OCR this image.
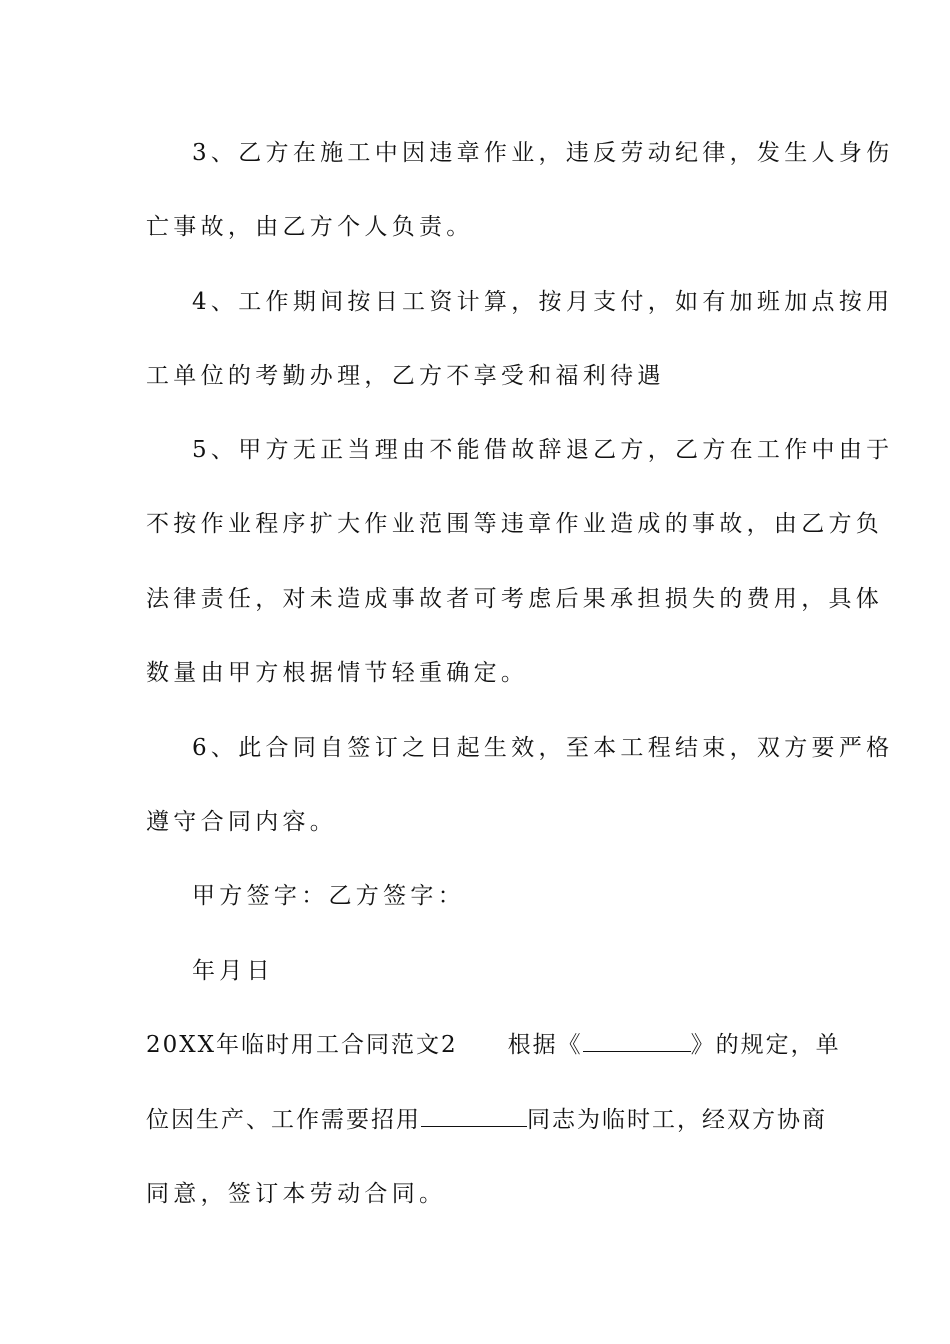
3、乙方在施工中因违章作业，违反劳动纪律，发生人身伤
亡事故，由乙方个人负责。
4、工作期间按日工资计算，按月支付，如有加班加点按用
工单位的考勤办理，乙方不享受和福利待遇
5、甲方无正当理由不能借故辞退乙方，乙方在工作中由于
不按作业程序扩大作业范围等违章作业造成的事故，由乙方负
法律责任，对未造成事故者可考虑后果承担损失的费用，具体
数量由甲方根据情节轻重确定。
6、此合同自签订之日起生效，至本工程结束，双方要严格
遵守合同内容。
甲方签字：乙方签字：
年月日
20XX年临时用工合同范文2 根据《	》的规定，单
位因生产、工作需要招用	同志为临时工，经双方协商
同意，签订本劳动合同。
